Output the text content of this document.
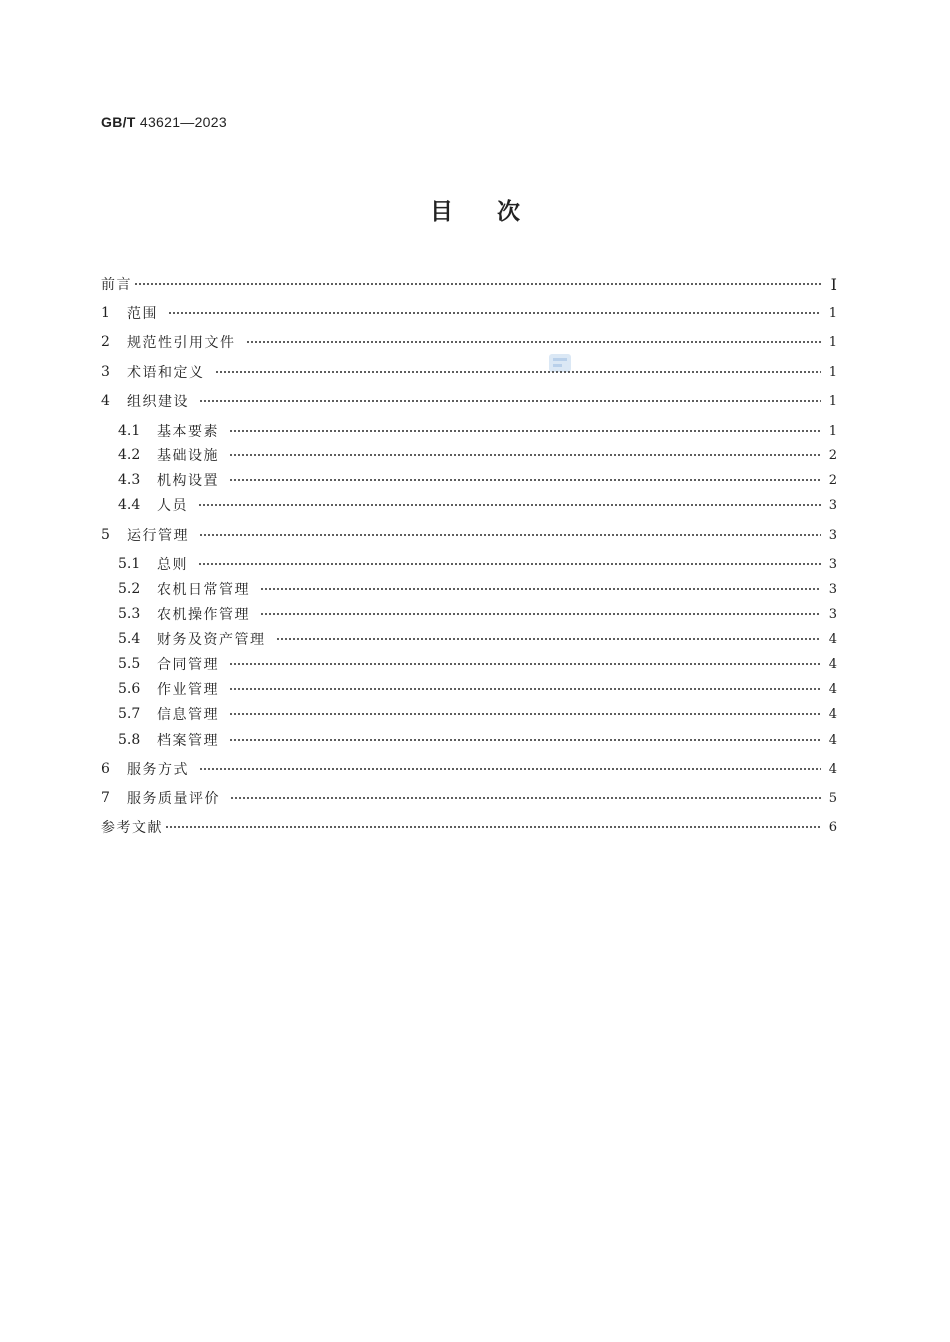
GB/T 43621—2023
目次
前言	I
1	范围	1
2	规范性引用文件	1
3	术语和定义	1
4	组织建设	1
4.1	基本要素	1
4.2	基础设施	2
4.3	机构设置	2
4.4	人员	3
5	运行管理	3
5.1	总则	3
5.2	农机日常管理	3
5.3	农机操作管理	3
5.4	财务及资产管理	4
5.5	合同管理	4
5.6	作业管理	4
5.7	信息管理	4
5.8	档案管理	4
6	服务方式	4
7	服务质量评价	5
参考文献	6
